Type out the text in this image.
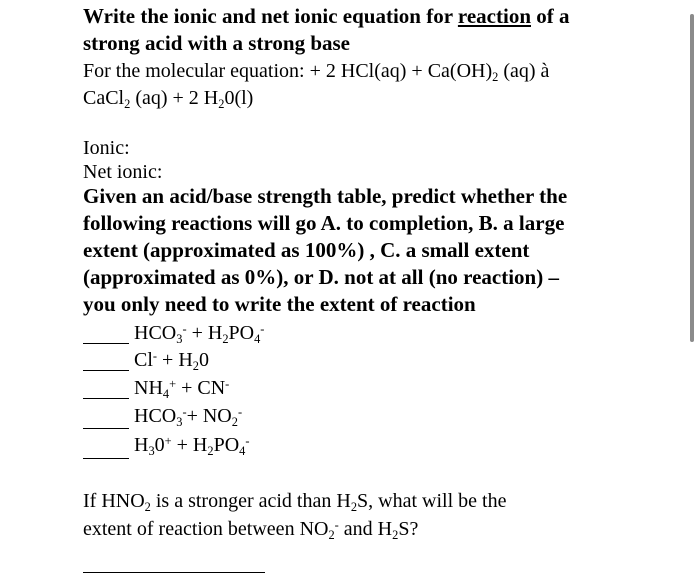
Write the ionic and net ionic equation for reaction of a
strong acid with a strong base
For the molecular equation: + 2 $HCl(aq) + Ca(OH)_2$ (aq) à
CaCl$_2$ (aq) + 2 $H_20(l)$
Ionic:
Net ionic:
Given an acid/base strength table, predict whether the
following reactions will go A. to completion, B. a large
extent (approximated as 100%) , C. a small extent
(approximated as 0%), or D. not at all (no reaction) –
you only need to write the extent of reaction
$HCO_3^- + H_2PO_4^-$
$Cl^- + H_20$
$NH_4^+ + CN^-$
$HCO_3^-+ NO_2^-$
$H_30^+ + H_2PO_4^-$
If $HNO_2$ is a stronger acid than $H_2S$, what will be the
extent of reaction between $NO_2^-$ and $H_2S$?
